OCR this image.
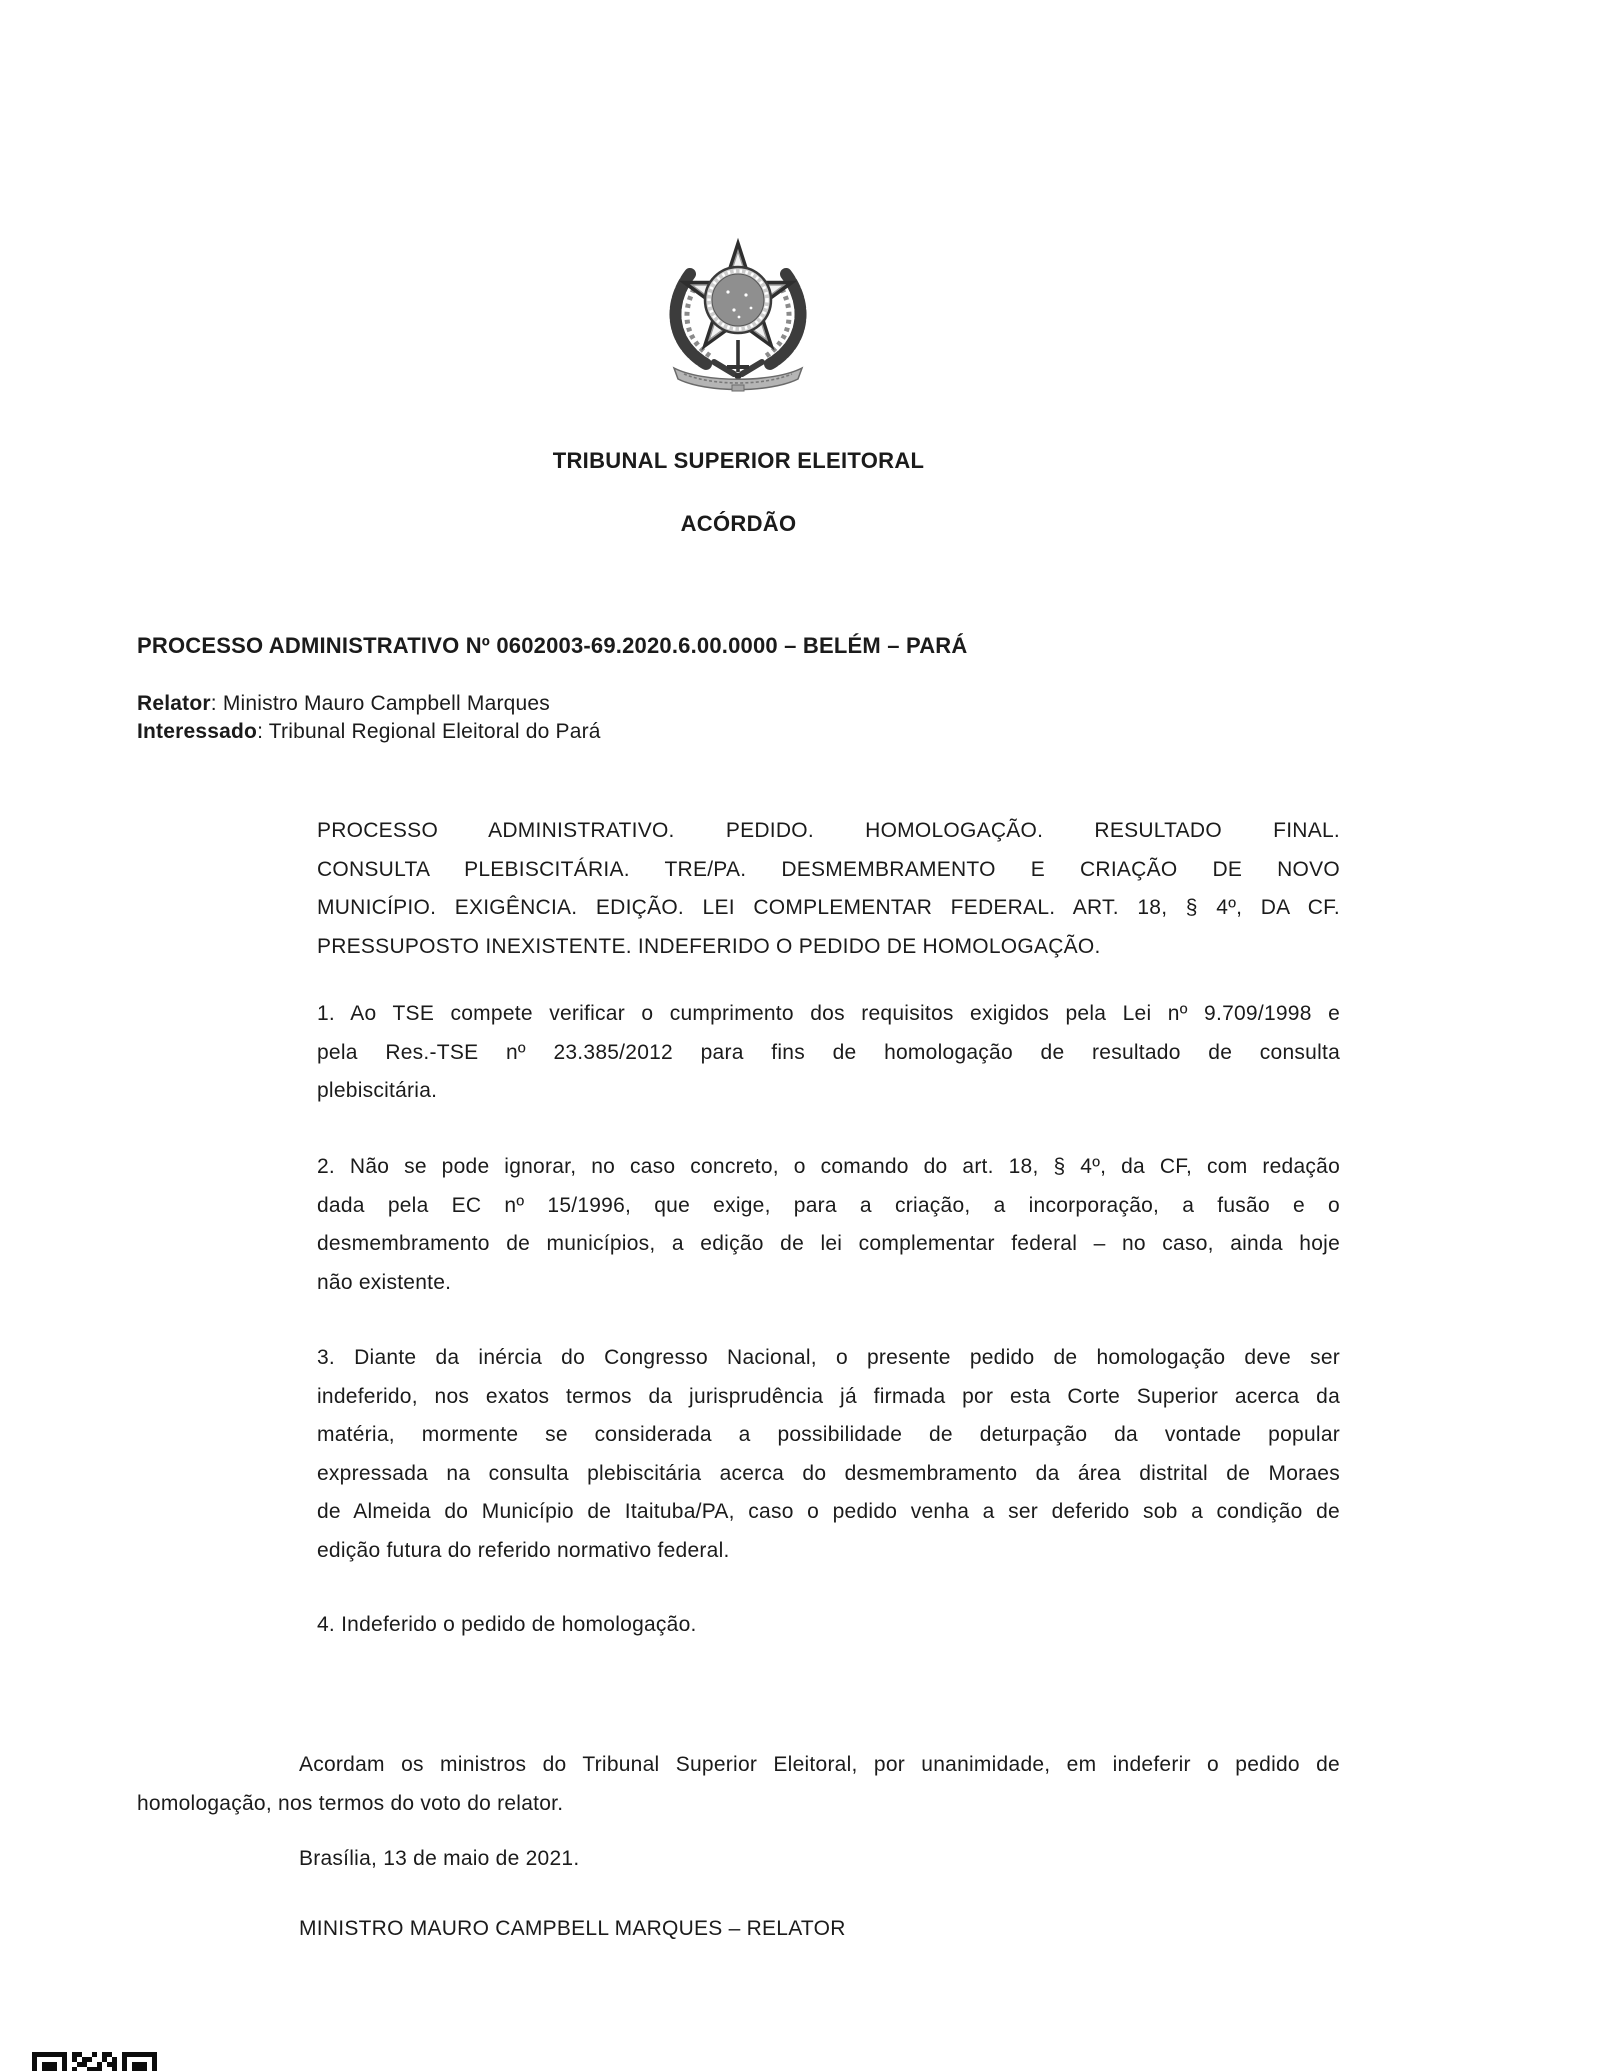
TRIBUNAL SUPERIOR ELEITORAL
ACÓRDÃO
PROCESSO ADMINISTRATIVO Nº 0602003-69.2020.6.00.0000 – BELÉM – PARÁ
Relator: Ministro Mauro Campbell Marques
Interessado: Tribunal Regional Eleitoral do Pará
PROCESSO ADMINISTRATIVO. PEDIDO. HOMOLOGAÇÃO. RESULTADO FINAL.
CONSULTA PLEBISCITÁRIA. TRE/PA. DESMEMBRAMENTO E CRIAÇÃO DE NOVO
MUNICÍPIO. EXIGÊNCIA. EDIÇÃO. LEI COMPLEMENTAR FEDERAL. ART. 18, § 4º, DA CF.
PRESSUPOSTO INEXISTENTE. INDEFERIDO O PEDIDO DE HOMOLOGAÇÃO.
1. Ao TSE compete verificar o cumprimento dos requisitos exigidos pela Lei nº 9.709/1998 e
pela Res.-TSE nº 23.385/2012 para fins de homologação de resultado de consulta
plebiscitária.
2. Não se pode ignorar, no caso concreto, o comando do art. 18, § 4º, da CF, com redação
dada pela EC nº 15/1996, que exige, para a criação, a incorporação, a fusão e o
desmembramento de municípios, a edição de lei complementar federal – no caso, ainda hoje
não existente.
3. Diante da inércia do Congresso Nacional, o presente pedido de homologação deve ser
indeferido, nos exatos termos da jurisprudência já firmada por esta Corte Superior acerca da
matéria, mormente se considerada a possibilidade de deturpação da vontade popular
expressada na consulta plebiscitária acerca do desmembramento da área distrital de Moraes
de Almeida do Município de Itaituba/PA, caso o pedido venha a ser deferido sob a condição de
edição futura do referido normativo federal.
4. Indeferido o pedido de homologação.
Acordam os ministros do Tribunal Superior Eleitoral, por unanimidade, em indeferir o pedido de
homologação, nos termos do voto do relator.
Brasília, 13 de maio de 2021.
MINISTRO MAURO CAMPBELL MARQUES – RELATOR
